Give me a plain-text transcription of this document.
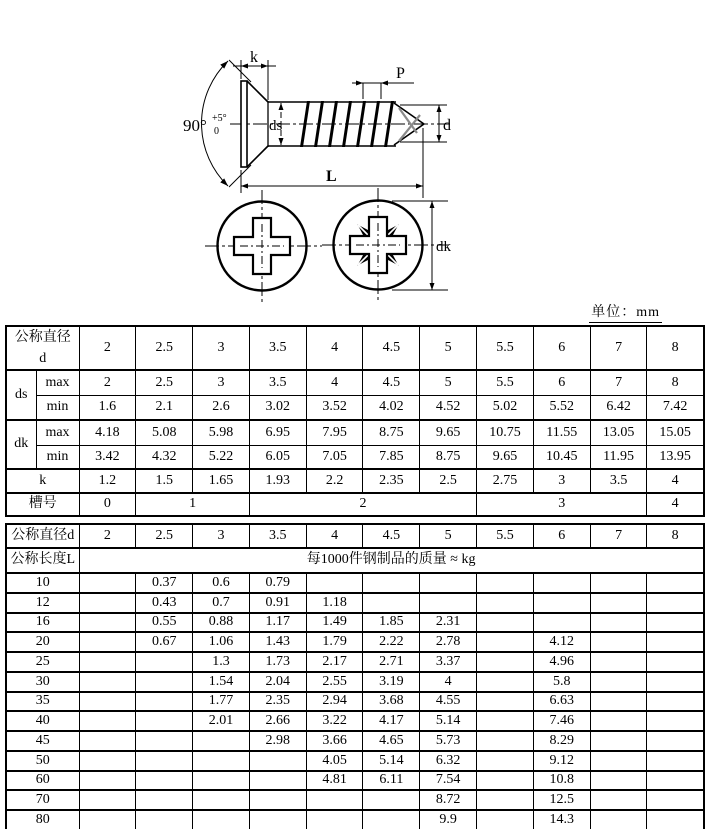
k
90° +5°
0	ds
P
d
L
dk
单位：mm
公称直径
d		2	2.5	3	3.5	4	4.5	5	5.5	6	7	8
ds	max	2	2.5	3	3.5	4	4.5	5	5.5	6	7	8
	min	1.6	2.1	2.6	3.02	3.52	4.02	4.52	5.02	5.52	6.42	7.42
dk	max	4.18	5.08	5.98	6.95	7.95	8.75	9.65	10.75	11.55	13.05	15.05
	min	3.42	4.32	5.22	6.05	7.05	7.85	8.75	9.65	10.45	11.95	13.95
k		1.2	1.5	1.65	1.93	2.2	2.35	2.5	2.75	3	3.5	4
槽号		0	1		2				3			4
公称直径d	2	2.5	3	3.5	4	4.5	5	5.5	6	7	8
公称长度L	每1000件钢制品的质量 ≈ kg										
10		0.37	0.6	0.79							
12		0.43	0.7	0.91	1.18						
16		0.55	0.88	1.17	1.49	1.85	2.31				
20		0.67	1.06	1.43	1.79	2.22	2.78		4.12		
25			1.3	1.73	2.17	2.71	3.37		4.96		
30			1.54	2.04	2.55	3.19	4		5.8		
35			1.77	2.35	2.94	3.68	4.55		6.63		
40			2.01	2.66	3.22	4.17	5.14		7.46		
45				2.98	3.66	4.65	5.73		8.29		
50					4.05	5.14	6.32		9.12		
60					4.81	6.11	7.54		10.8		
70							8.72		12.5		
80							9.9		14.3		
